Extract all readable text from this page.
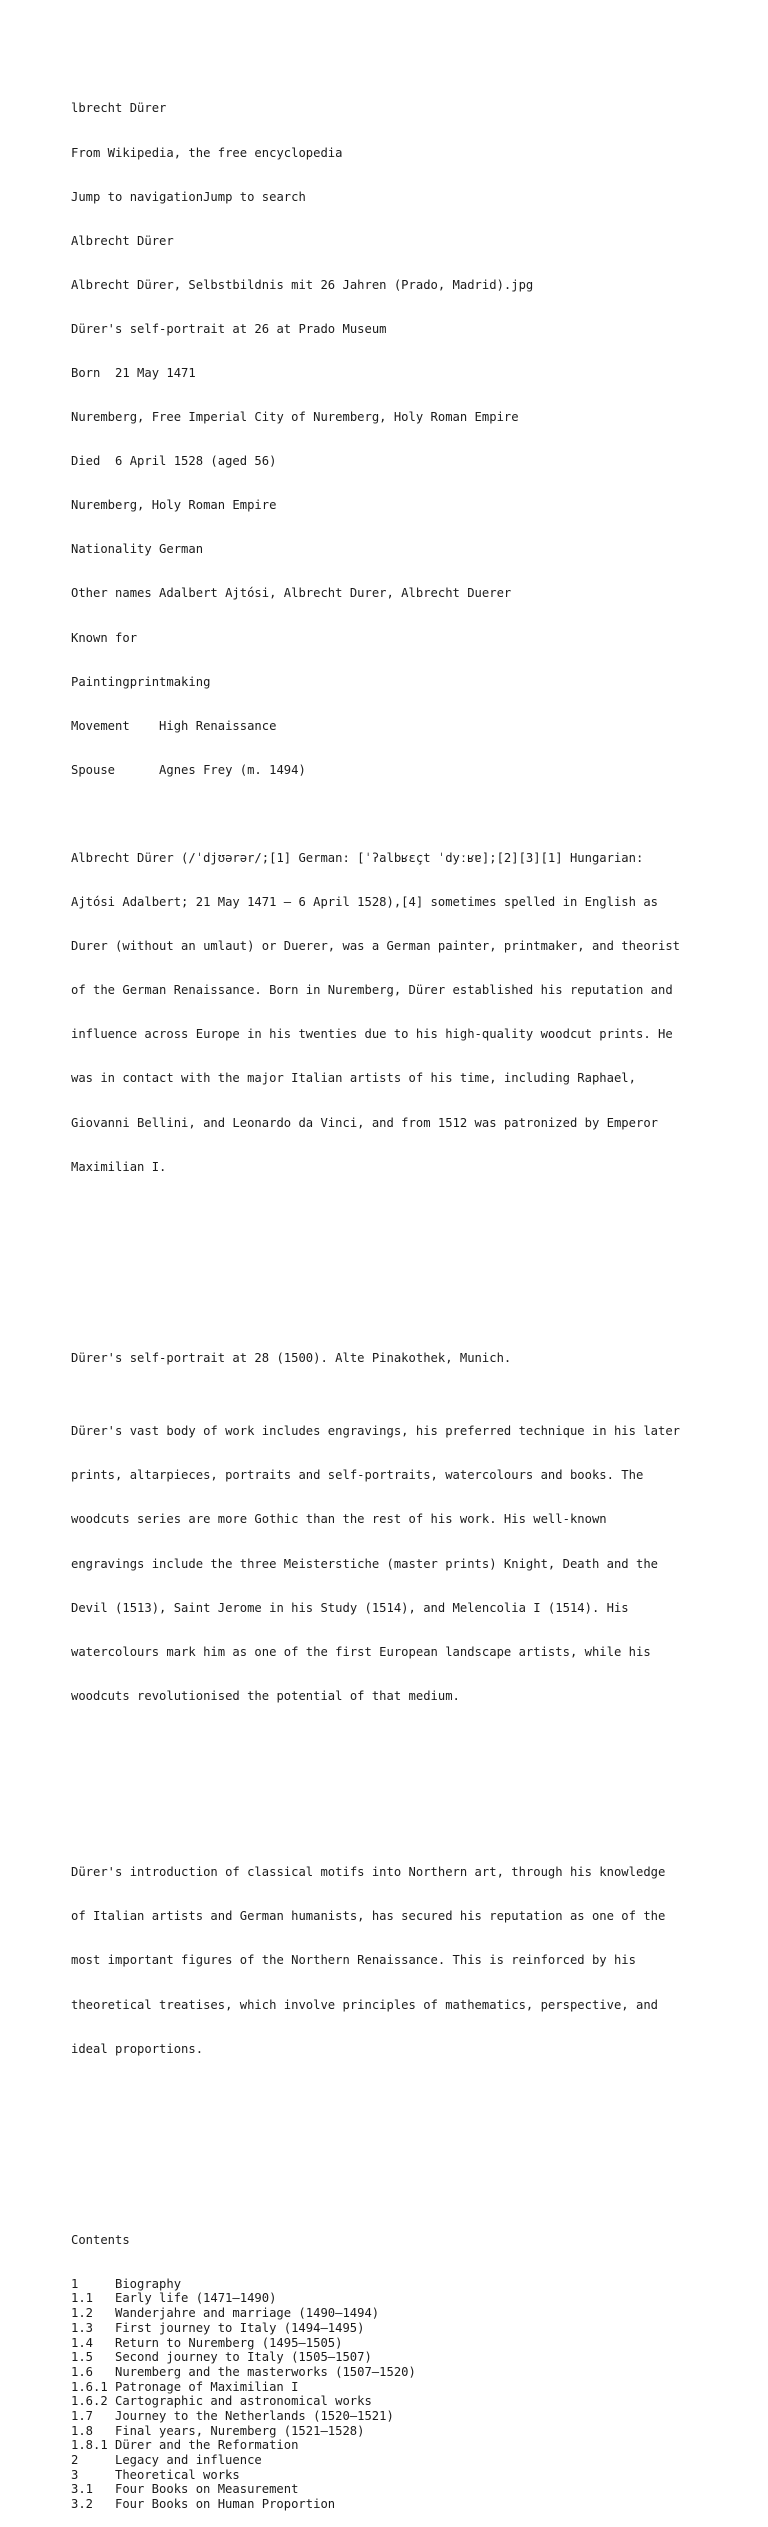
lbrecht Dürer

From Wikipedia, the free encyclopedia

Jump to navigationJump to search

Albrecht Dürer

Albrecht Dürer, Selbstbildnis mit 26 Jahren (Prado, Madrid).jpg

Dürer's self-portrait at 26 at Prado Museum

Born  21 May 1471

Nuremberg, Free Imperial City of Nuremberg, Holy Roman Empire

Died  6 April 1528 (aged 56)

Nuremberg, Holy Roman Empire

Nationality German

Other names Adalbert Ajtósi, Albrecht Durer, Albrecht Duerer

Known for

Paintingprintmaking

Movement    High Renaissance

Spouse      Agnes Frey (m. 1494)

Albrecht Dürer (/ˈdjʊərər/;[1] German: [ˈʔalbʁɛçt ˈdyːʁɐ];[2][3][1] Hungarian:

Ajtósi Adalbert; 21 May 1471 – 6 April 1528),[4] sometimes spelled in English as

Durer (without an umlaut) or Duerer, was a German painter, printmaker, and theorist

of the German Renaissance. Born in Nuremberg, Dürer established his reputation and

influence across Europe in his twenties due to his high-quality woodcut prints. He

was in contact with the major Italian artists of his time, including Raphael,

Giovanni Bellini, and Leonardo da Vinci, and from 1512 was patronized by Emperor

Maximilian I.

Dürer's self-portrait at 28 (1500). Alte Pinakothek, Munich.

Dürer's vast body of work includes engravings, his preferred technique in his later

prints, altarpieces, portraits and self-portraits, watercolours and books. The

woodcuts series are more Gothic than the rest of his work. His well-known

engravings include the three Meisterstiche (master prints) Knight, Death and the

Devil (1513), Saint Jerome in his Study (1514), and Melencolia I (1514). His

watercolours mark him as one of the first European landscape artists, while his

woodcuts revolutionised the potential of that medium.

Dürer's introduction of classical motifs into Northern art, through his knowledge

of Italian artists and German humanists, has secured his reputation as one of the

most important figures of the Northern Renaissance. This is reinforced by his

theoretical treatises, which involve principles of mathematics, perspective, and

ideal proportions.

Contents

1	Biography
1.1 Early life (1471–1490)
1.2 Wanderjahre and marriage (1490–1494)
1.3 First journey to Italy (1494–1495)
1.4 Return to Nuremberg (1495–1505)
1.5 Second journey to Italy (1505–1507)
1.6 Nuremberg and the masterworks (1507–1520)
1.6.1 Patronage of Maximilian I
1.6.2 Cartographic and astronomical works
1.7 Journey to the Netherlands (1520–1521)
1.8 Final years, Nuremberg (1521–1528)
1.8.1 Dürer and the Reformation
2	Legacy and influence
3	Theoretical works
3.1 Four Books on Measurement
3.2 Four Books on Human Proportion
